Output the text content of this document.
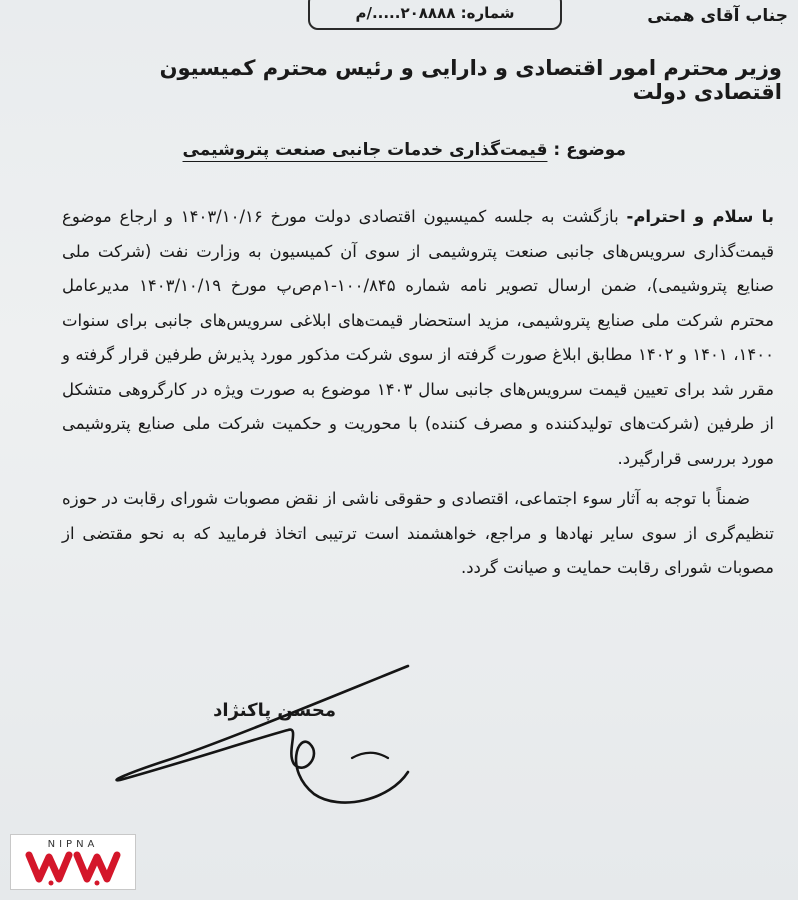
شماره: ۲۰۸۸۸۸...../م	جناب آقای همتی
وزیر محترم امور اقتصادی و دارایی و رئیس محترم کمیسیون اقتصادی دولت
موضوع : قیمت‌گذاری خدمات جانبی صنعت پتروشیمی

با سلام و احترام- بازگشت به جلسه کمیسیون اقتصادی دولت مورخ ۱۴۰۳/۱۰/۱۶ و ارجاع موضوع قیمت‌گذاری سرویس‌های جانبی صنعت پتروشیمی از سوی آن کمیسیون به وزارت نفت (شرکت ملی صنایع پتروشیمی)، ضمن ارسال تصویر نامه شماره ۱۰۰/۸۴۵-۱م‌ص‌پ مورخ ۱۴۰۳/۱۰/۱۹ مدیرعامل محترم شرکت ملی صنایع پتروشیمی، مزید استحضار قیمت‌های ابلاغی سرویس‌های جانبی برای سنوات ۱۴۰۰، ۱۴۰۱ و ۱۴۰۲ مطابق ابلاغ صورت گرفته از سوی شرکت مذکور مورد پذیرش طرفین قرار گرفته و مقرر شد برای تعیین قیمت سرویس‌های جانبی سال ۱۴۰۳ موضوع به صورت ویژه در کارگروهی متشکل از طرفین (شرکت‌های تولیدکننده و مصرف کننده) با محوریت و حکمیت شرکت ملی صنایع پتروشیمی مورد بررسی قرارگیرد.

ضمناً با توجه به آثار سوء اجتماعی، اقتصادی و حقوقی ناشی از نقض مصوبات شورای رقابت در حوزه تنظیم‌گری از سوی سایر نهادها و مراجع، خواهشمند است ترتیبی اتخاذ فرمایید که به نحو مقتضی از مصوبات شورای رقابت حمایت و صیانت گردد.

محسن پاکنژاد
NIPNA
